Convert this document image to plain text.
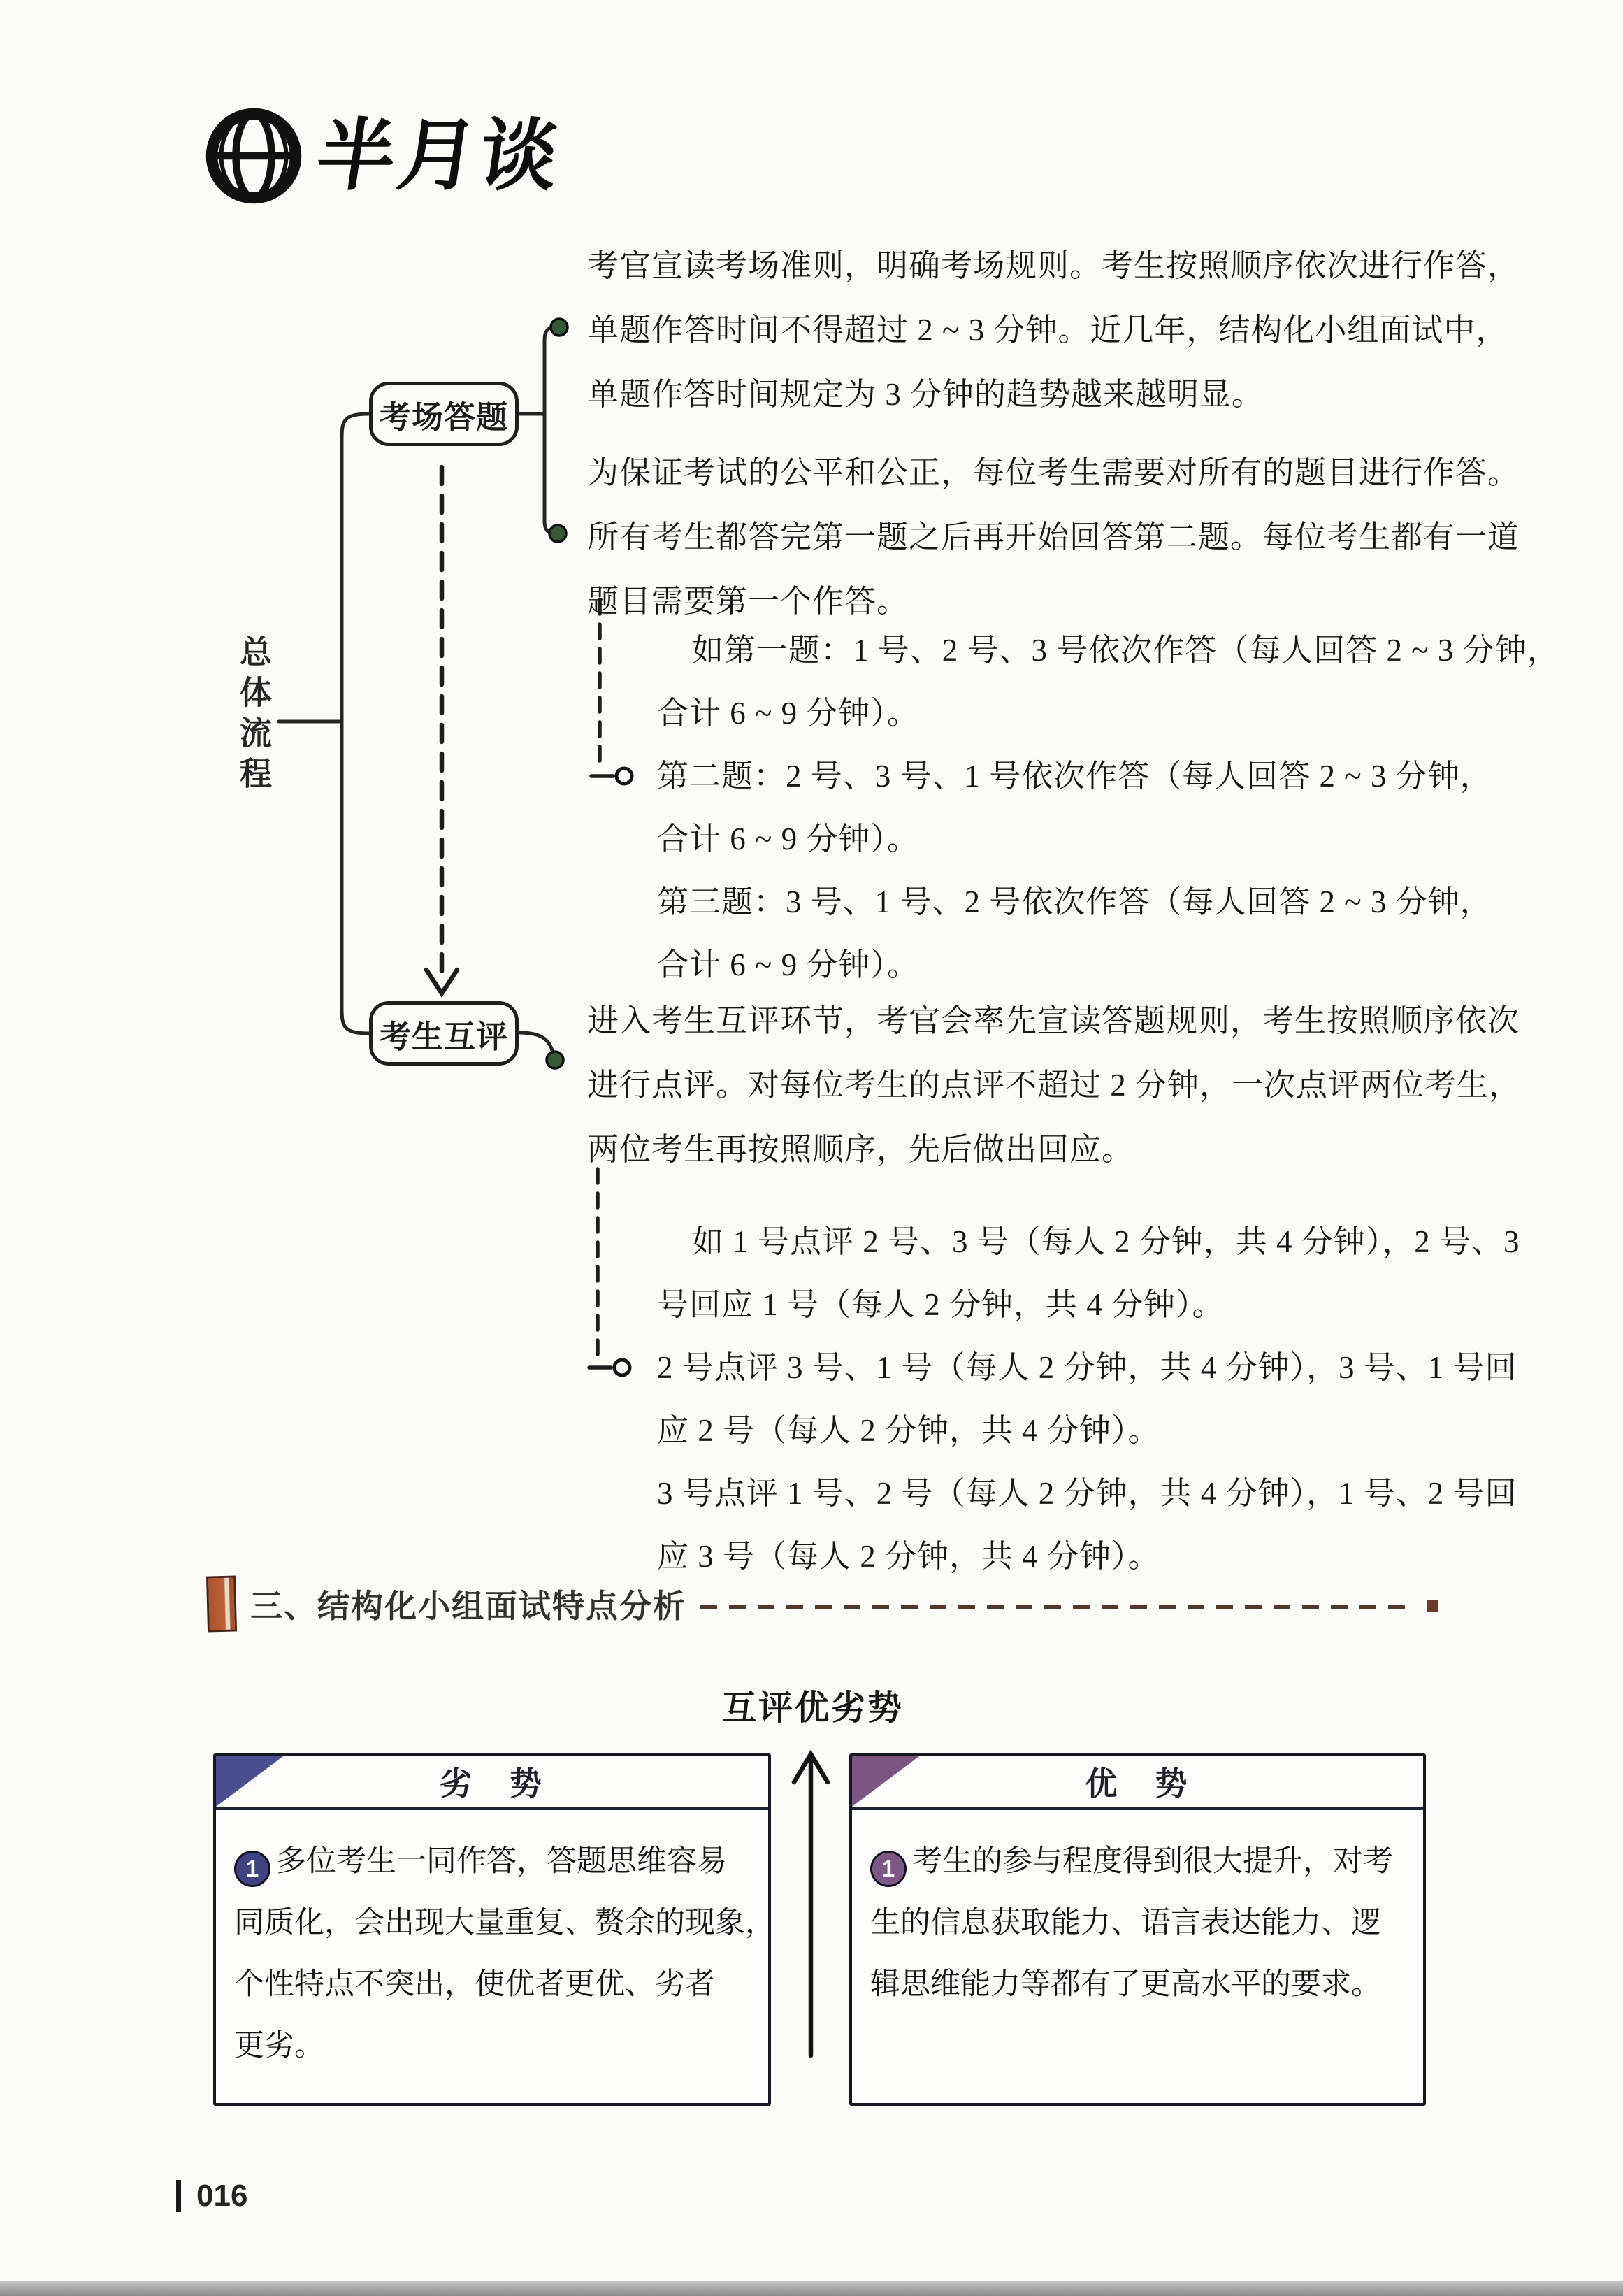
半月谈
总体流程
考场答题
考生互评
考官宣读考场准则，明确考场规则。考生按照顺序依次进行作答，
单题作答时间不得超过 2 ~ 3 分钟。近几年，结构化小组面试中，
单题作答时间规定为 3 分钟的趋势越来越明显。
为保证考试的公平和公正，每位考生需要对所有的题目进行作答。
所有考生都答完第一题之后再开始回答第二题。每位考生都有一道
题目需要第一个作答。
如第一题：1 号、2 号、3 号依次作答（每人回答 2 ~ 3 分钟，
合计 6 ~ 9 分钟）。
第二题：2 号、3 号、1 号依次作答（每人回答 2 ~ 3 分钟，
合计 6 ~ 9 分钟）。
第三题：3 号、1 号、2 号依次作答（每人回答 2 ~ 3 分钟，
合计 6 ~ 9 分钟）。
进入考生互评环节，考官会率先宣读答题规则，考生按照顺序依次
进行点评。对每位考生的点评不超过 2 分钟，一次点评两位考生，
两位考生再按照顺序，先后做出回应。
如 1 号点评 2 号、3 号（每人 2 分钟，共 4 分钟），2 号、3
号回应 1 号（每人 2 分钟，共 4 分钟）。
2 号点评 3 号、1 号（每人 2 分钟，共 4 分钟），3 号、1 号回
应 2 号（每人 2 分钟，共 4 分钟）。
3 号点评 1 号、2 号（每人 2 分钟，共 4 分钟），1 号、2 号回
应 3 号（每人 2 分钟，共 4 分钟）。
三、结构化小组面试特点分析
互评优劣势
劣　势
1 多位考生一同作答，答题思维容易
同质化，会出现大量重复、赘余的现象，
个性特点不突出，使优者更优、劣者
更劣。
优　势
1 考生的参与程度得到很大提升，对考
生的信息获取能力、语言表达能力、逻
辑思维能力等都有了更高水平的要求。
016
